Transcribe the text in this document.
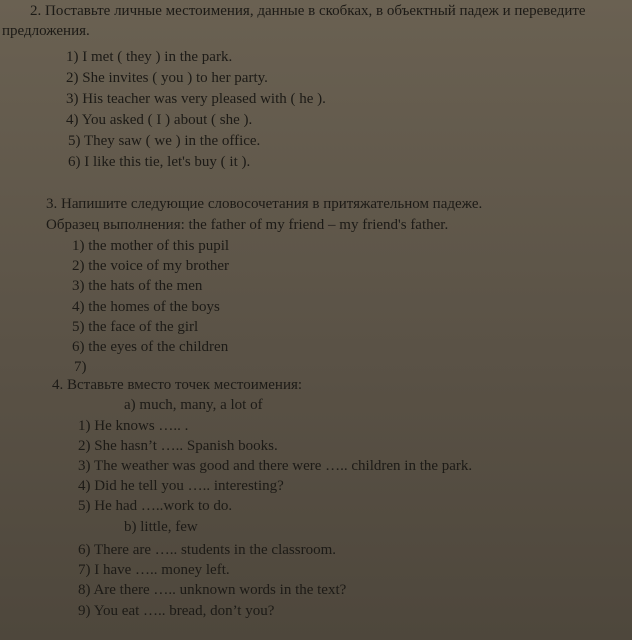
2. Поставьте личные местоимения, данные в скобках, в объектный падеж и переведите
предложения.
1) I met ( they ) in the park.
2) She invites ( you ) to her party.
3) His teacher was very pleased with ( he ).
4) You asked ( I ) about ( she ).
5) They saw ( we ) in the office.
6) I like this tie, let's buy ( it ).
3. Напишите следующие словосочетания в притяжательном падеже.
Образец выполнения: the father of my friend – my friend's father.
1) the mother of this pupil
2) the voice of my brother
3) the hats of the men
4) the homes of the boys
5) the face of the girl
6) the eyes of the children
7)
4. Вставьте вместо точек местоимения:
a) much, many, a lot of
1) He knows ….. .
2) She hasn’t ….. Spanish books.
3) The weather was good and there were ….. children in the park.
4) Did he tell you ….. interesting?
5) He had …..work to do.
b) little, few
6) There are ….. students in the classroom.
7) I have ….. money left.
8) Are there ….. unknown words in the text?
9) You eat ….. bread, don’t you?
